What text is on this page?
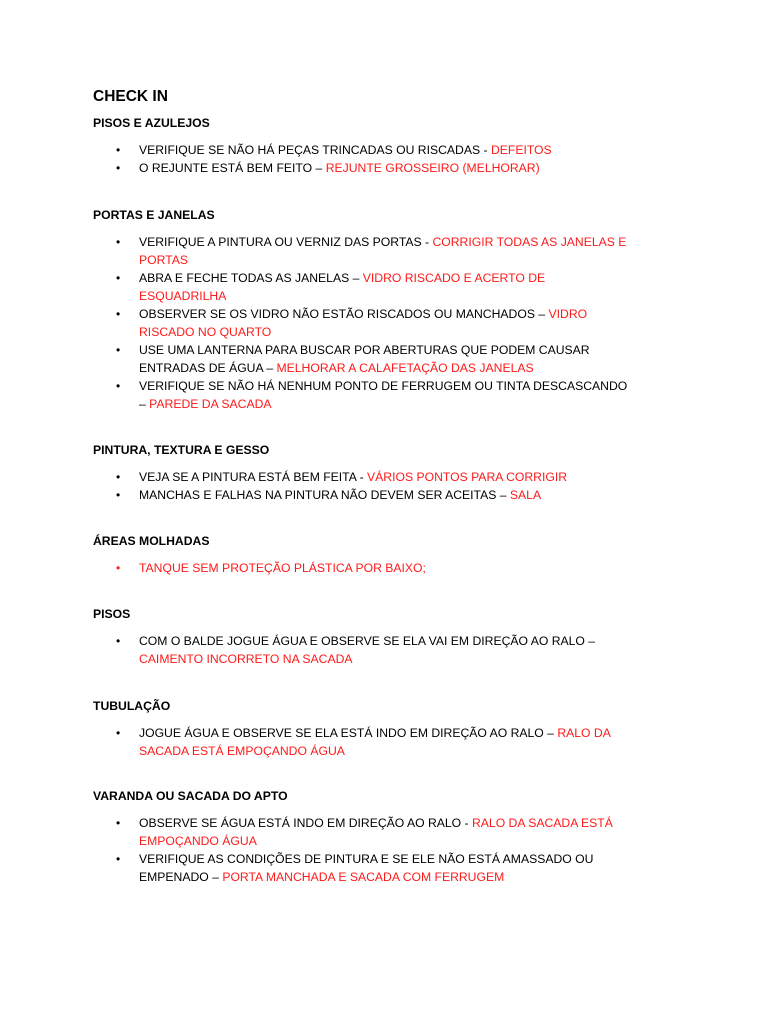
CHECK IN
PISOS E AZULEJOS
• VERIFIQUE SE NÃO HÁ PEÇAS TRINCADAS OU RISCADAS - DEFEITOS
• O REJUNTE ESTÁ BEM FEITO – REJUNTE GROSSEIRO (MELHORAR)
PORTAS E JANELAS
• VERIFIQUE A PINTURA OU VERNIZ DAS PORTAS - CORRIGIR TODAS AS JANELAS E PORTAS
• ABRA E FECHE TODAS AS JANELAS – VIDRO RISCADO E ACERTO DE ESQUADRILHA
• OBSERVER SE OS VIDRO NÃO ESTÃO RISCADOS OU MANCHADOS – VIDRO RISCADO NO QUARTO
• USE UMA LANTERNA PARA BUSCAR POR ABERTURAS QUE PODEM CAUSAR ENTRADAS DE ÁGUA – MELHORAR A CALAFETAÇÃO DAS JANELAS
• VERIFIQUE SE NÃO HÁ NENHUM PONTO DE FERRUGEM OU TINTA DESCASCANDO – PAREDE DA SACADA
PINTURA, TEXTURA E GESSO
• VEJA SE A PINTURA ESTÁ BEM FEITA - VÁRIOS PONTOS PARA CORRIGIR
• MANCHAS E FALHAS NA PINTURA NÃO DEVEM SER ACEITAS – SALA
ÁREAS MOLHADAS
• TANQUE SEM PROTEÇÃO PLÁSTICA POR BAIXO;
PISOS
• COM O BALDE JOGUE ÁGUA E OBSERVE SE ELA VAI EM DIREÇÃO AO RALO – CAIMENTO INCORRETO NA SACADA
TUBULAÇÃO
• JOGUE ÁGUA E OBSERVE SE ELA ESTÁ INDO EM DIREÇÃO AO RALO – RALO DA SACADA ESTÁ EMPOÇANDO ÁGUA
VARANDA OU SACADA DO APTO
• OBSERVE SE ÁGUA ESTÁ INDO EM DIREÇÃO AO RALO - RALO DA SACADA ESTÁ EMPOÇANDO ÁGUA
• VERIFIQUE AS CONDIÇÕES DE PINTURA E SE ELE NÃO ESTÁ AMASSADO OU EMPENADO – PORTA MANCHADA E SACADA COM FERRUGEM
